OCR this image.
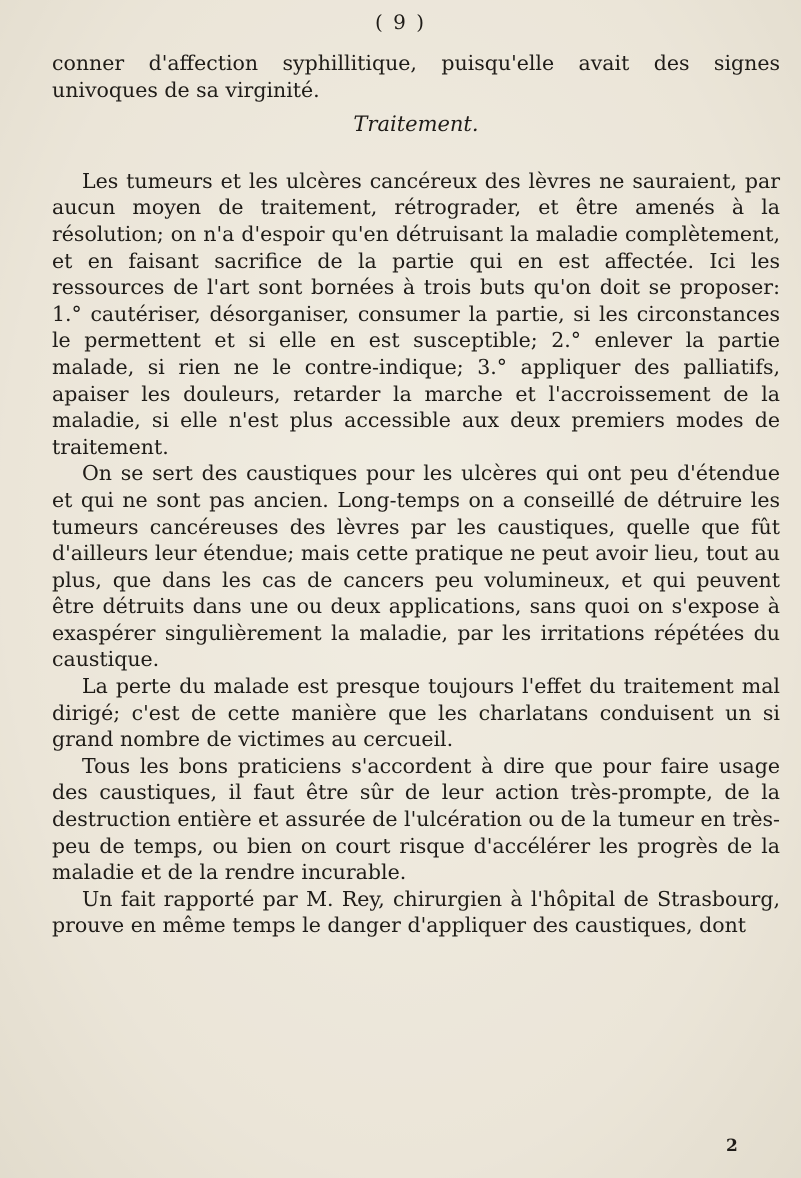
( 9 )

conner d'affection syphillitique, puisqu'elle avait des signes univoques de sa virginité.

Traitement.

Les tumeurs et les ulcères cancéreux des lèvres ne sauraient, par aucun moyen de traitement, rétrograder, et être amenés à la résolution; on n'a d'espoir qu'en détruisant la maladie complètement, et en faisant sacrifice de la partie qui en est affectée. Ici les ressources de l'art sont bornées à trois buts qu'on doit se proposer: 1.° cautériser, désorganiser, consumer la partie, si les circonstances le permettent et si elle en est susceptible; 2.° enlever la partie malade, si rien ne le contre-indique; 3.° appliquer des palliatifs, apaiser les douleurs, retarder la marche et l'accroissement de la maladie, si elle n'est plus accessible aux deux premiers modes de traitement.

On se sert des caustiques pour les ulcères qui ont peu d'étendue et qui ne sont pas ancien. Long-temps on a conseillé de détruire les tumeurs cancéreuses des lèvres par les caustiques, quelle que fût d'ailleurs leur étendue; mais cette pratique ne peut avoir lieu, tout au plus, que dans les cas de cancers peu volumineux, et qui peuvent être détruits dans une ou deux applications, sans quoi on s'expose à exaspérer singulièrement la maladie, par les irritations répétées du caustique.

La perte du malade est presque toujours l'effet du traitement mal dirigé; c'est de cette manière que les charlatans conduisent un si grand nombre de victimes au cercueil.

Tous les bons praticiens s'accordent à dire que pour faire usage des caustiques, il faut être sûr de leur action très-prompte, de la destruction entière et assurée de l'ulcération ou de la tumeur en très-peu de temps, ou bien on court risque d'accélérer les progrès de la maladie et de la rendre incurable.

Un fait rapporté par M. Rey, chirurgien à l'hôpital de Strasbourg, prouve en même temps le danger d'appliquer des caustiques, dont

2
